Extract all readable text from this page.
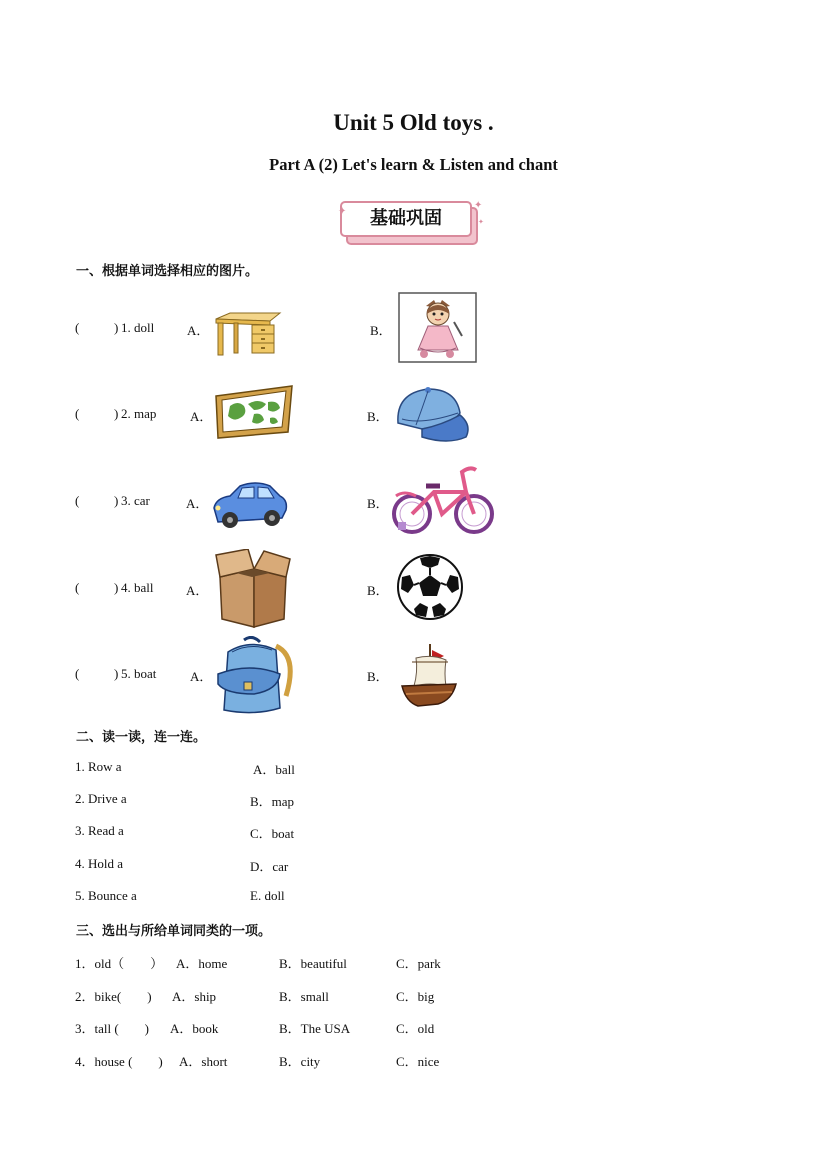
Unit 5 Old toys .
Part A (2) Let's learn & Listen and chant
基础巩固
✦
✦
✦
一、根据单词选择相应的图片。
(	) 1. doll	A．	B．
(	) 2. map	A．	B．
(	) 3. car	A．	B．
(	) 4. ball	A．	B．
(	) 5. boat	A．	B．
二、读一读，连一连。
1. Row a
2. Drive a
3. Read a
4. Hold a
5. Bounce a
A．ball
B．map
C．boat
D．car
E. doll
三、选出与所给单词同类的一项。
1．old（　　） A．home	B．beautiful	C．park
2．bike(　　) A．ship	B．small	C．big
3．tall (　　) A．book	B．The USA	C．old
4．house (　　) A．short	B．city	C．nice
